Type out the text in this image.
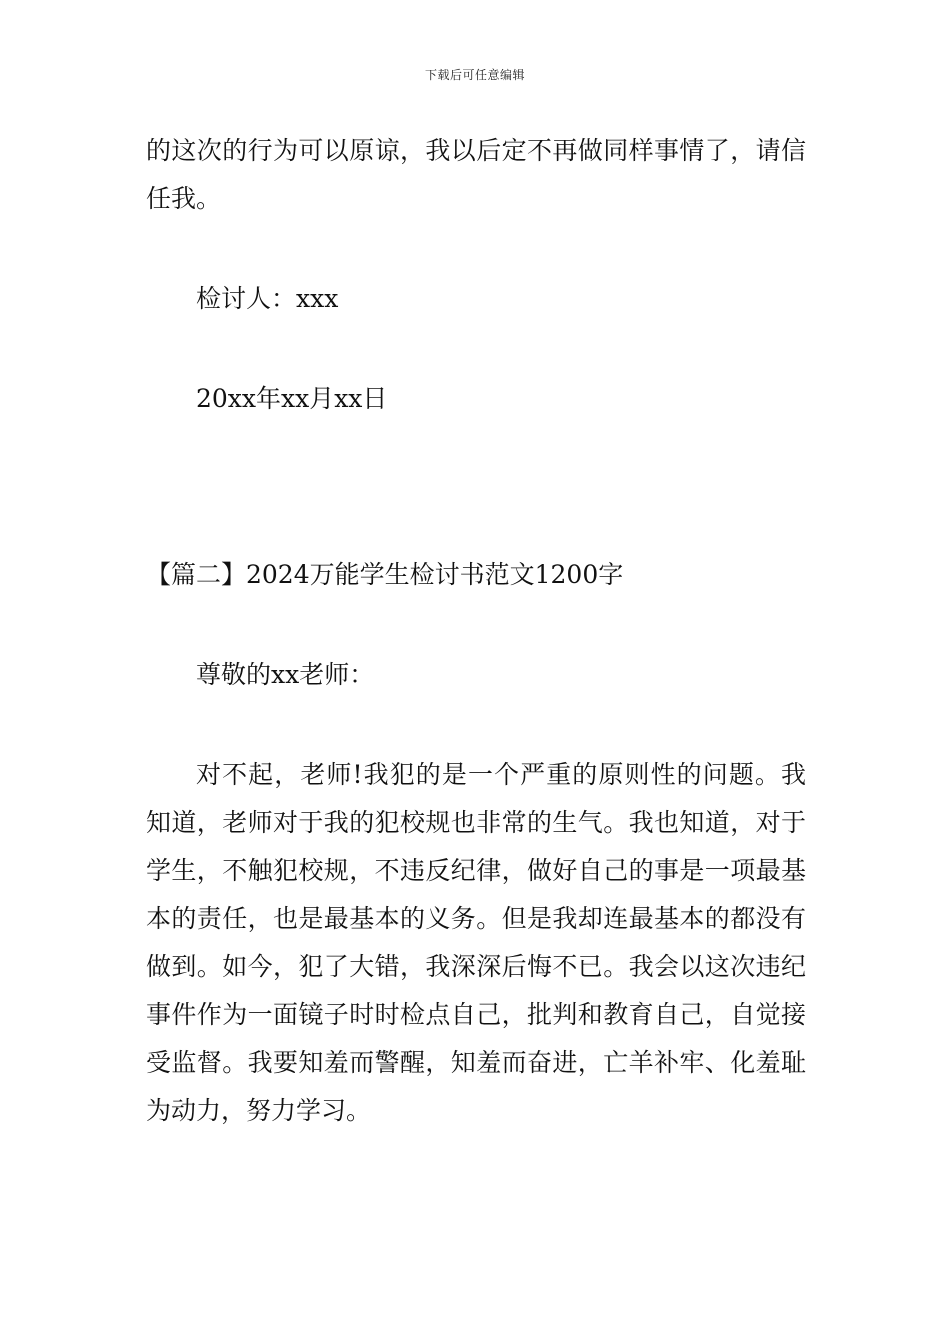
下载后可任意编辑

的这次的行为可以原谅，我以后定不再做同样事情了，请信任我。

检讨人：xxx

20xx年xx月xx日

【篇二】2024万能学生检讨书范文1200字

尊敬的xx老师：

对不起，老师!我犯的是一个严重的原则性的问题。我知道，老师对于我的犯校规也非常的生气。我也知道，对于学生，不触犯校规，不违反纪律，做好自己的事是一项最基本的责任，也是最基本的义务。但是我却连最基本的都没有做到。如今，犯了大错，我深深后悔不已。我会以这次违纪事件作为一面镜子时时检点自己，批判和教育自己，自觉接受监督。我要知羞而警醒，知羞而奋进，亡羊补牢、化羞耻为动力，努力学习。
